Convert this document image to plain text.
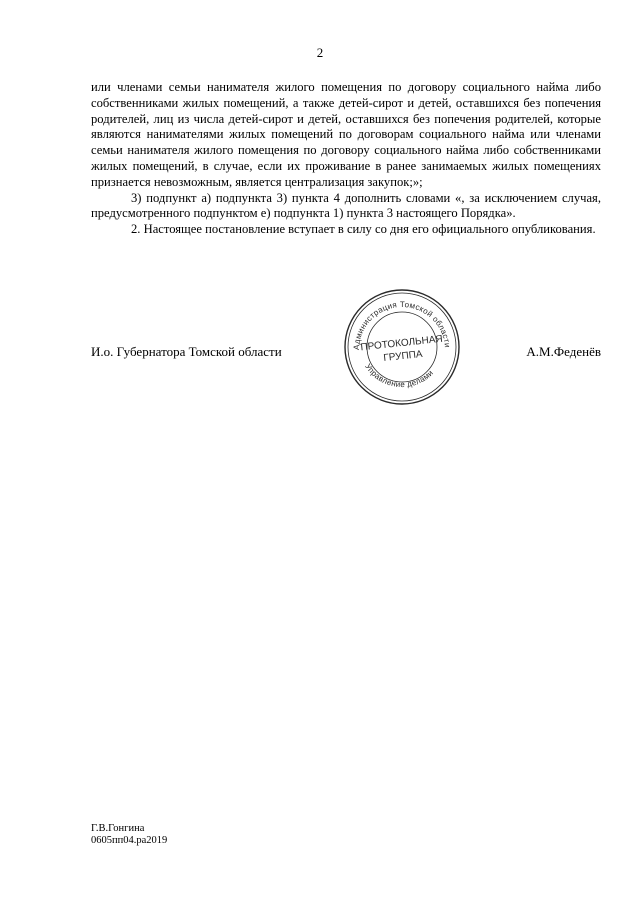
2

или членами семьи нанимателя жилого помещения по договору социального найма либо собственниками жилых помещений, а также детей-сирот и детей, оставшихся без попечения родителей, лиц из числа детей-сирот и детей, оставшихся без попечения родителей, которые являются нанимателями жилых помещений по договорам социального найма или членами семьи нанимателя жилого помещения по договору социального найма либо собственниками жилых помещений, в случае, если их проживание в ранее занимаемых жилых помещениях признается невозможным, является централизация закупок;»;

3) подпункт а) подпункта 3) пункта 4 дополнить словами «, за исключением случая, предусмотренного подпунктом е) подпункта 1) пункта 3 настоящего Порядка».

2. Настоящее постановление вступает в силу со дня его официального опубликования.

И.о. Губернатора Томской области	А.М.Феденёв
Администрация Томской области
Управление делами
ПРОТОКОЛЬНАЯ
ГРУППА
Г.В.Гонгина
0605пп04.ра2019
